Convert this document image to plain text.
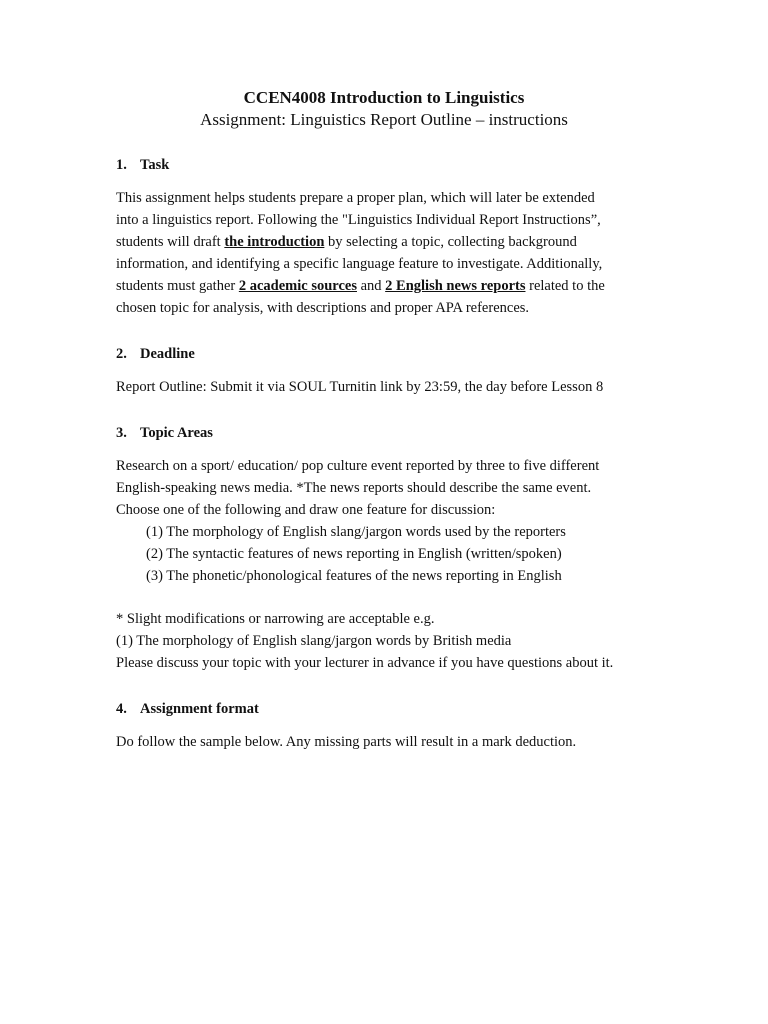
CCEN4008 Introduction to Linguistics
Assignment: Linguistics Report Outline – instructions
1. Task
This assignment helps students prepare a proper plan, which will later be extended
into a linguistics report. Following the "Linguistics Individual Report Instructions”,
students will draft the introduction by selecting a topic, collecting background
information, and identifying a specific language feature to investigate. Additionally,
students must gather 2 academic sources and 2 English news reports related to the
chosen topic for analysis, with descriptions and proper APA references.
2. Deadline
Report Outline: Submit it via SOUL Turnitin link by 23:59, the day before Lesson 8
3. Topic Areas
Research on a sport/ education/ pop culture event reported by three to five different
English-speaking news media. *The news reports should describe the same event.
Choose one of the following and draw one feature for discussion:
(1) The morphology of English slang/jargon words used by the reporters
(2) The syntactic features of news reporting in English (written/spoken)
(3) The phonetic/phonological features of the news reporting in English
* Slight modifications or narrowing are acceptable e.g.
(1) The morphology of English slang/jargon words by British media
Please discuss your topic with your lecturer in advance if you have questions about it.
4. Assignment format
Do follow the sample below. Any missing parts will result in a mark deduction.
